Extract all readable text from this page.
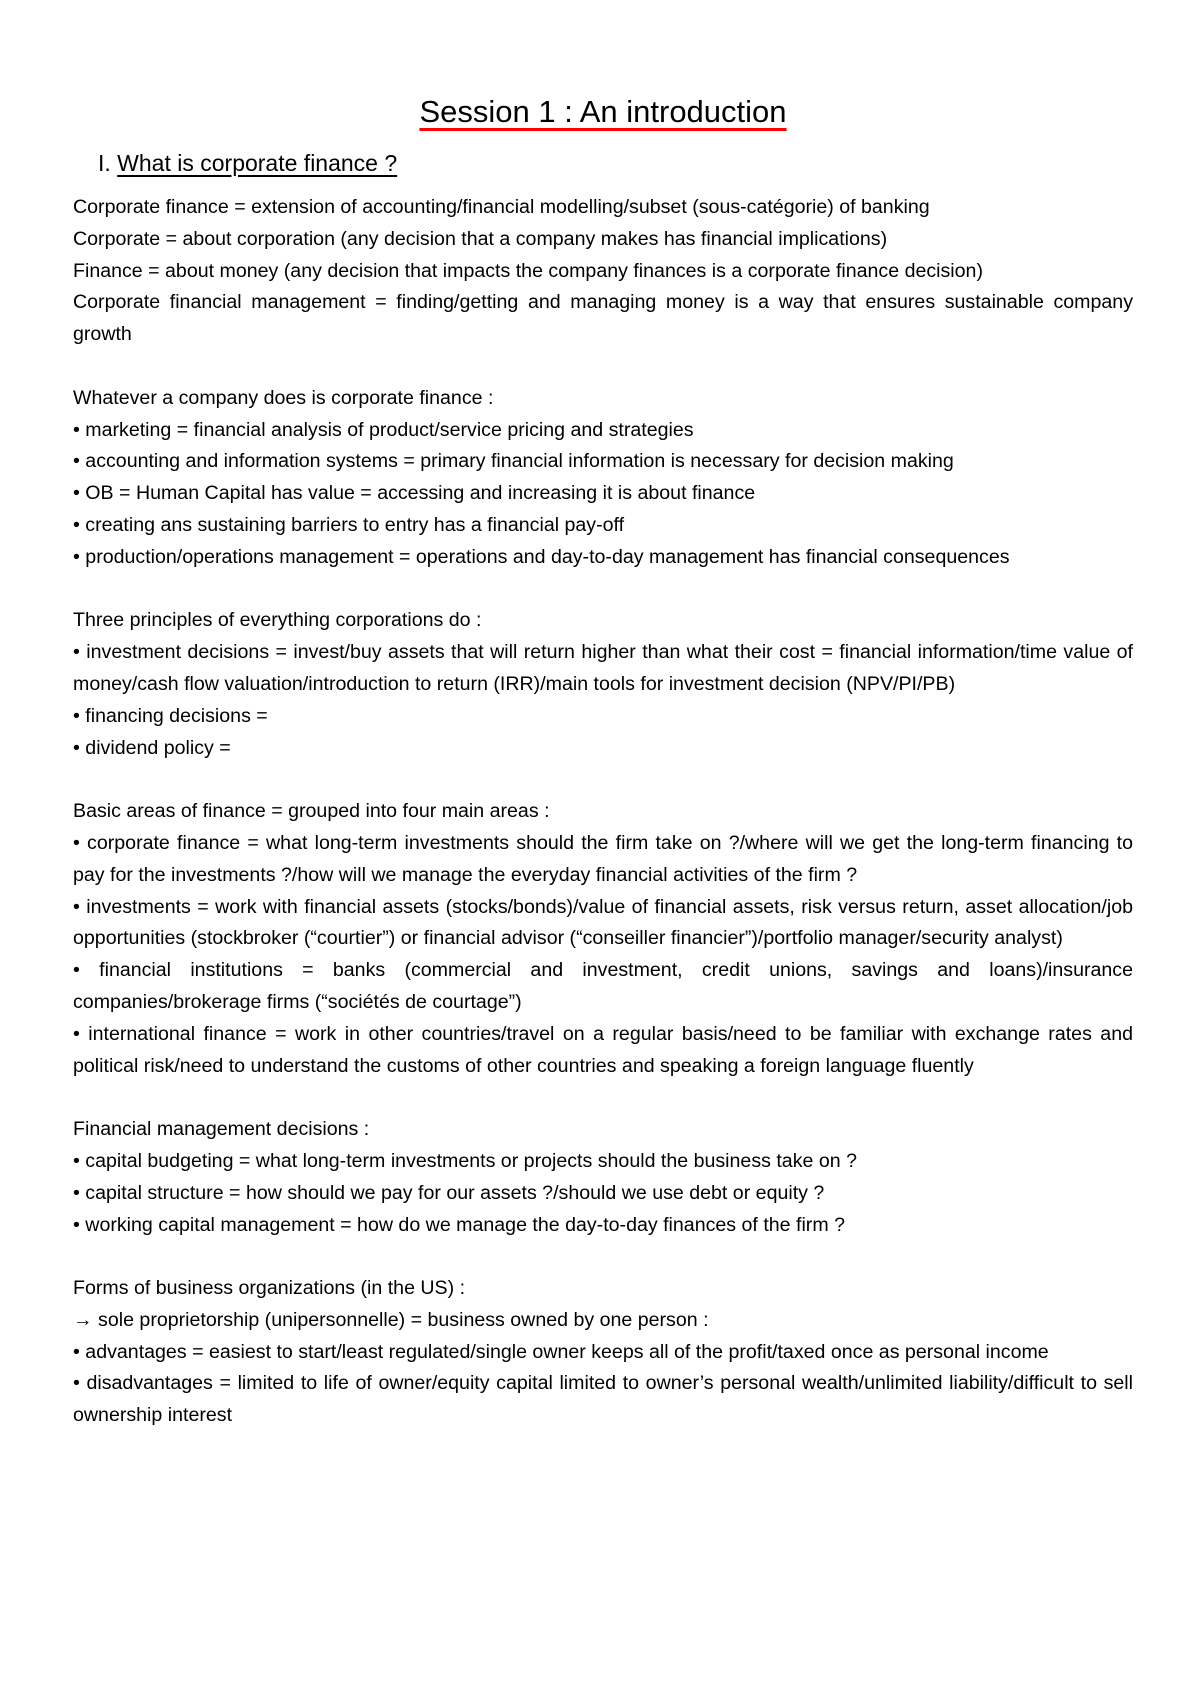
Session 1 : An introduction
I. What is corporate finance ?

Corporate finance = extension of accounting/financial modelling/subset (sous-catégorie) of banking

Corporate = about corporation (any decision that a company makes has financial implications)

Finance = about money (any decision that impacts the company finances is a corporate finance decision)

Corporate financial management = finding/getting and managing money is a way that ensures sustainable company growth

Whatever a company does is corporate finance :

• marketing = financial analysis of product/service pricing and strategies

• accounting and information systems = primary financial information is necessary for decision making

• OB = Human Capital has value = accessing and increasing it is about finance

• creating ans sustaining barriers to entry has a financial pay-off

• production/operations management = operations and day-to-day management has financial consequences

Three principles of everything corporations do :

• investment decisions = invest/buy assets that will return higher than what their cost = financial information/time value of money/cash flow valuation/introduction to return (IRR)/main tools for investment decision (NPV/PI/PB)

• financing decisions =

• dividend policy =

Basic areas of finance = grouped into four main areas :

• corporate finance = what long-term investments should the firm take on ?/where will we get the long-term financing to pay for the investments ?/how will we manage the everyday financial activities of the firm ?

• investments = work with financial assets (stocks/bonds)/value of financial assets, risk versus return, asset allocation/job opportunities (stockbroker (“courtier”) or financial advisor (“conseiller financier”)/portfolio manager/security analyst)

• financial institutions = banks (commercial and investment, credit unions, savings and loans)/insurance companies/brokerage firms (“sociétés de courtage”)

• international finance = work in other countries/travel on a regular basis/need to be familiar with exchange rates and political risk/need to understand the customs of other countries and speaking a foreign language fluently

Financial management decisions :

• capital budgeting = what long-term investments or projects should the business take on ?

• capital structure = how should we pay for our assets ?/should we use debt or equity ?

• working capital management = how do we manage the day-to-day finances of the firm ?

Forms of business organizations (in the US) :

→ sole proprietorship (unipersonnelle) = business owned by one person :

• advantages = easiest to start/least regulated/single owner keeps all of the profit/taxed once as personal income

• disadvantages = limited to life of owner/equity capital limited to owner’s personal wealth/unlimited liability/difficult to sell ownership interest
